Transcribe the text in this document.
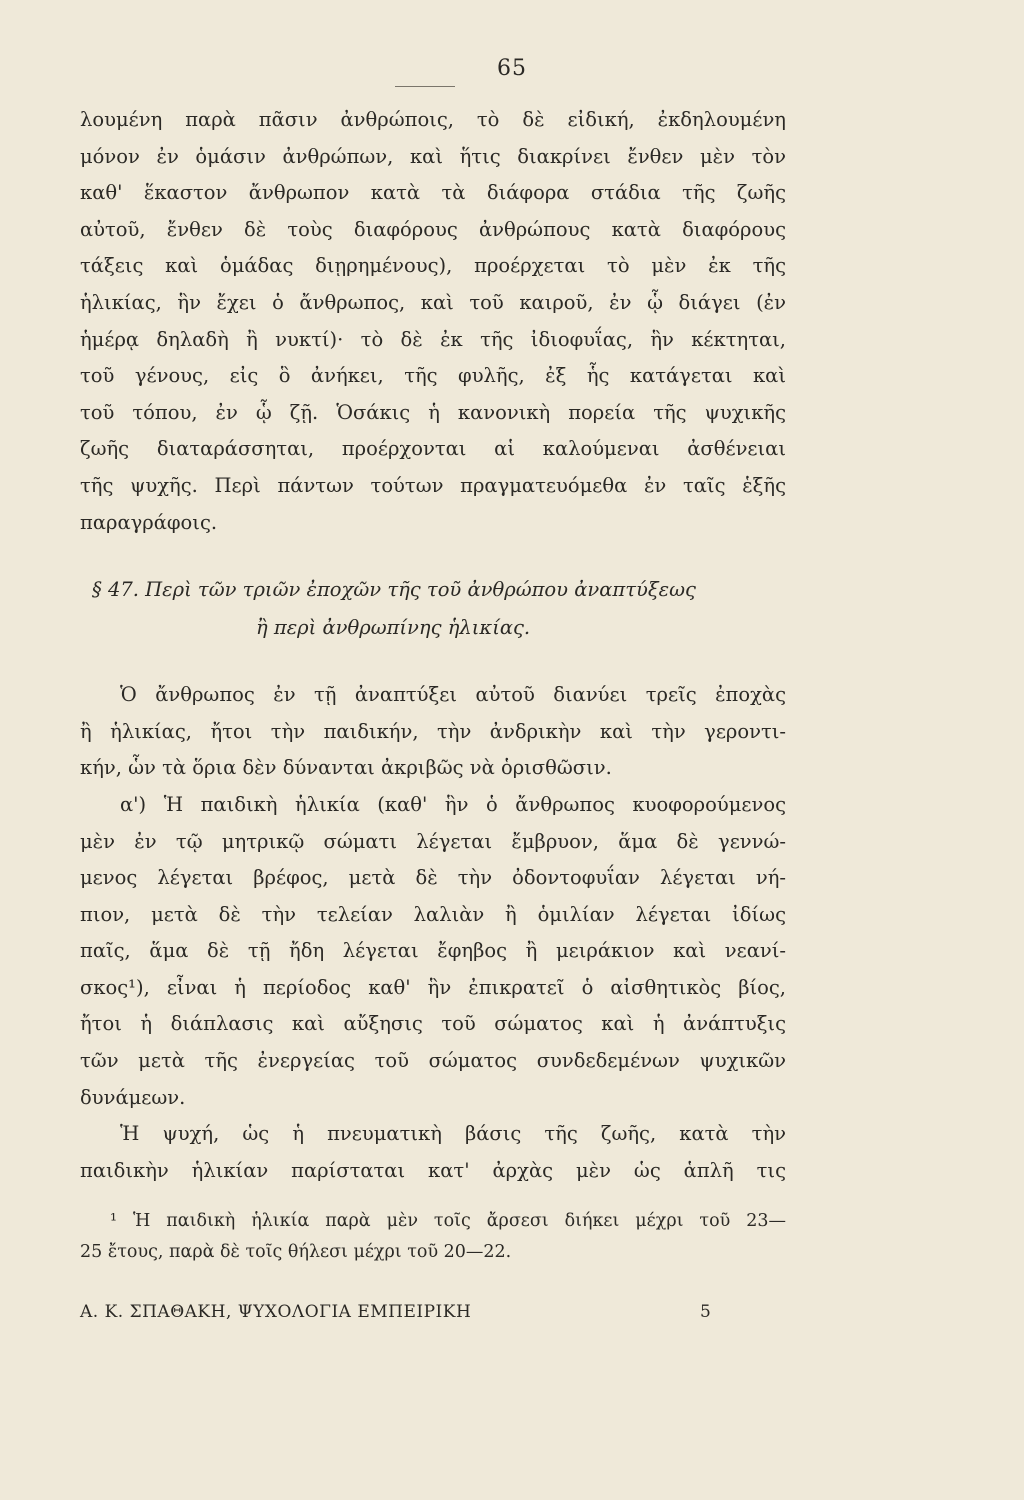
65
λουμένη παρὰ πᾶσιν ἀνθρώποις, τὸ δὲ εἰδική, ἐκδηλουμένη
μόνον ἐν ὁμάσιν ἀνθρώπων, καὶ ἥτις διακρίνει ἔνθεν μὲν τὸν
καθ' ἕκαστον ἄνθρωπον κατὰ τὰ διάφορα στάδια τῆς ζωῆς
αὐτοῦ, ἔνθεν δὲ τοὺς διαφόρους ἀνθρώπους κατὰ διαφόρους
τάξεις καὶ ὁμάδας διῃρημένους), προέρχεται τὸ μὲν ἐκ τῆς
ἡλικίας, ἣν ἔχει ὁ ἄνθρωπος, καὶ τοῦ καιροῦ, ἐν ᾧ διάγει (ἐν
ἡμέρᾳ δηλαδὴ ἢ νυκτί)· τὸ δὲ ἐκ τῆς ἰδιοφυΐας, ἣν κέκτηται,
τοῦ γένους, εἰς ὃ ἀνήκει, τῆς φυλῆς, ἐξ ἧς κατάγεται καὶ
τοῦ τόπου, ἐν ᾧ ζῇ. Ὁσάκις ἡ κανονικὴ πορεία τῆς ψυχικῆς
ζωῆς διαταράσσηται, προέρχονται αἱ καλούμεναι ἀσθένειαι
τῆς ψυχῆς. Περὶ πάντων τούτων πραγματευόμεθα ἐν ταῖς ἑξῆς
παραγράφοις.
§ 47. Περὶ τῶν τριῶν ἐποχῶν τῆς τοῦ ἀνθρώπου ἀναπτύξεως
ἢ περὶ ἀνθρωπίνης ἡλικίας.
Ὁ ἄνθρωπος ἐν τῇ ἀναπτύξει αὐτοῦ διανύει τρεῖς ἐποχὰς
ἢ ἡλικίας, ἤτοι τὴν παιδικήν, τὴν ἀνδρικὴν καὶ τὴν γεροντι-
κήν, ὧν τὰ ὅρια δὲν δύνανται ἀκριβῶς νὰ ὁρισθῶσιν.
α') Ἡ παιδικὴ ἡλικία (καθ' ἣν ὁ ἄνθρωπος κυοφορούμενος
μὲν ἐν τῷ μητρικῷ σώματι λέγεται ἔμβρυον, ἅμα δὲ γεννώ-
μενος λέγεται βρέφος, μετὰ δὲ τὴν ὀδοντοφυΐαν λέγεται νή-
πιον, μετὰ δὲ τὴν τελείαν λαλιὰν ἢ ὁμιλίαν λέγεται ἰδίως
παῖς, ἅμα δὲ τῇ ἤδη λέγεται ἔφηβος ἢ μειράκιον καὶ νεανί-
σκος¹), εἶναι ἡ περίοδος καθ' ἣν ἐπικρατεῖ ὁ αἰσθητικὸς βίος,
ἤτοι ἡ διάπλασις καὶ αὔξησις τοῦ σώματος καὶ ἡ ἀνάπτυξις
τῶν μετὰ τῆς ἐνεργείας τοῦ σώματος συνδεδεμένων ψυχικῶν
δυνάμεων.
Ἡ ψυχή, ὡς ἡ πνευματικὴ βάσις τῆς ζωῆς, κατὰ τὴν
παιδικὴν ἡλικίαν παρίσταται κατ' ἀρχὰς μὲν ὡς ἁπλῆ τις
¹ Ἡ παιδικὴ ἡλικία παρὰ μὲν τοῖς ἄρσεσι διήκει μέχρι τοῦ 23—
25 ἔτους, παρὰ δὲ τοῖς θήλεσι μέχρι τοῦ 20—22.
Α. Κ. ΣΠΑΘΑΚΗ, ΨΥΧΟΛΟΓΙΑ ΕΜΠΕΙΡΙΚΗ	5
